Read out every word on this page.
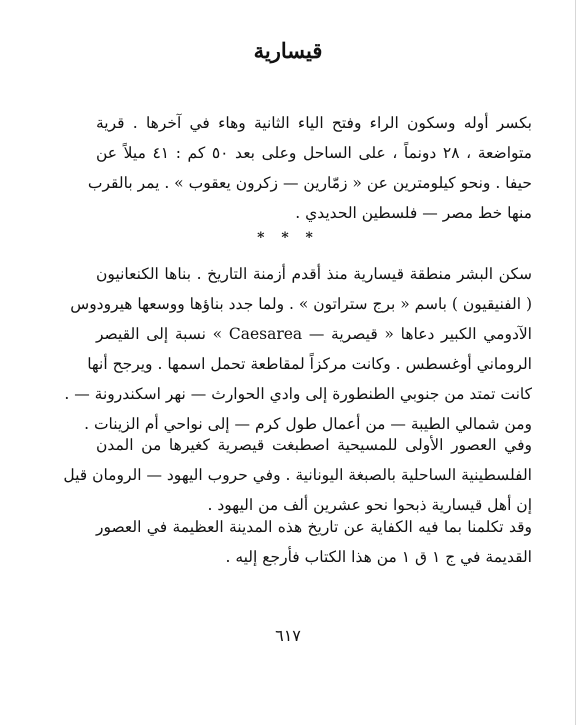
قيسارية
بكسر أوله وسكون الراء وفتح الياء الثانية وهاء في آخرها . قرية
متواضعة ، ٢٨ دونماً ، على الساحل وعلى بعد ٥٠ كم : ٤١ ميلاً عن
حيفا . ونحو كيلومترين عن « زمّارين — زكرون يعقوب » . يمر بالقرب
منها خط مصر — فلسطين الحديدي .
* * *
سكن البشر منطقة قيسارية منذ أقدم أزمنة التاريخ . بناها الكنعانيون
( الفنيقيون ) باسم « برج ستراتون » . ولما جدد بناؤها ووسعها هيرودوس
الآدومي الكبير دعاها « قيصرية — Caesarea » نسبة إلى القيصر
الروماني أوغسطس . وكانت مركزاً لمقاطعة تحمل اسمها . ويرجح أنها
كانت تمتد من جنوبي الطنطورة إلى وادي الحوارث — نهر اسكندرونة — .
ومن شمالي الطيبة — من أعمال طول كرم — إلى نواحي أم الزينات .
وفي العصور الأولى للمسيحية اصطبغت قيصرية كغيرها من المدن
الفلسطينية الساحلية بالصبغة اليونانية . وفي حروب اليهود — الرومان قيل
إن أهل قيسارية ذبحوا نحو عشرين ألف من اليهود .
وقد تكلمنا بما فيه الكفاية عن تاريخ هذه المدينة العظيمة في العصور
القديمة في ج ١ ق ١ من هذا الكتاب فأرجع إليه .
٦١٧
